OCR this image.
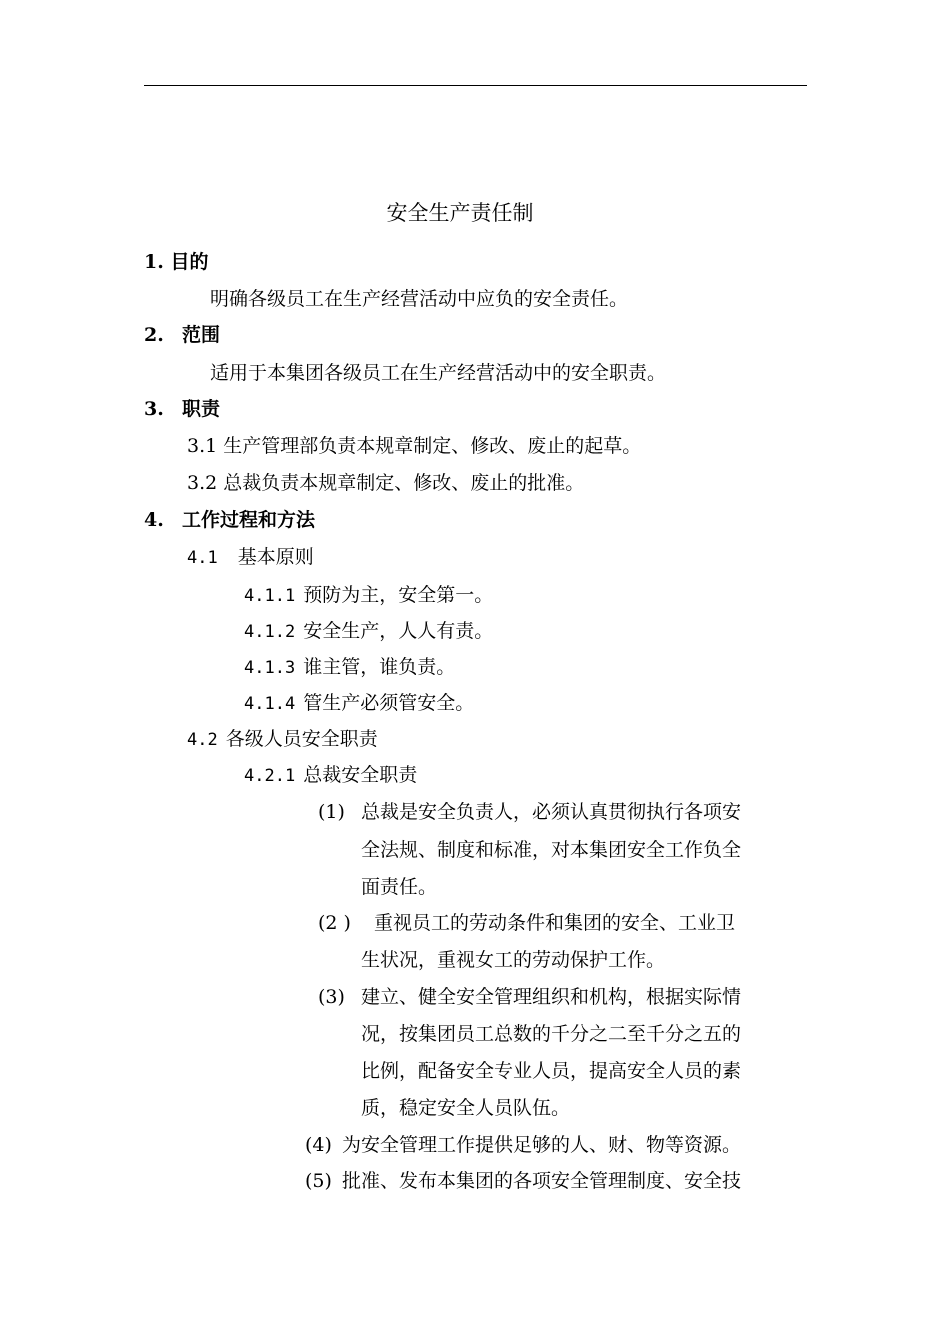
安全生产责任制
1. 目的
明确各级员工在生产经营活动中应负的安全责任。
2. 范围
适用于本集团各级员工在生产经营活动中的安全职责。
3. 职责
3.1 生产管理部负责本规章制定、修改、废止的起草。
3.2 总裁负责本规章制定、修改、废止的批准。
4. 工作过程和方法
4.1 基本原则
4.1.1 预防为主，安全第一。
4.1.2 安全生产，人人有责。
4.1.3 谁主管，谁负责。
4.1.4 管生产必须管安全。
4.2 各级人员安全职责
4.2.1 总裁安全职责
(1) 总裁是安全负责人，必须认真贯彻执行各项安
全法规、制度和标准，对本集团安全工作负全
面责任。
(2 ) 重视员工的劳动条件和集团的安全、工业卫
生状况，重视女工的劳动保护工作。
(3) 建立、健全安全管理组织和机构，根据实际情
况，按集团员工总数的千分之二至千分之五的
比例，配备安全专业人员，提高安全人员的素
质，稳定安全人员队伍。
(4) 为安全管理工作提供足够的人、财、物等资源。
(5) 批准、发布本集团的各项安全管理制度、安全技
